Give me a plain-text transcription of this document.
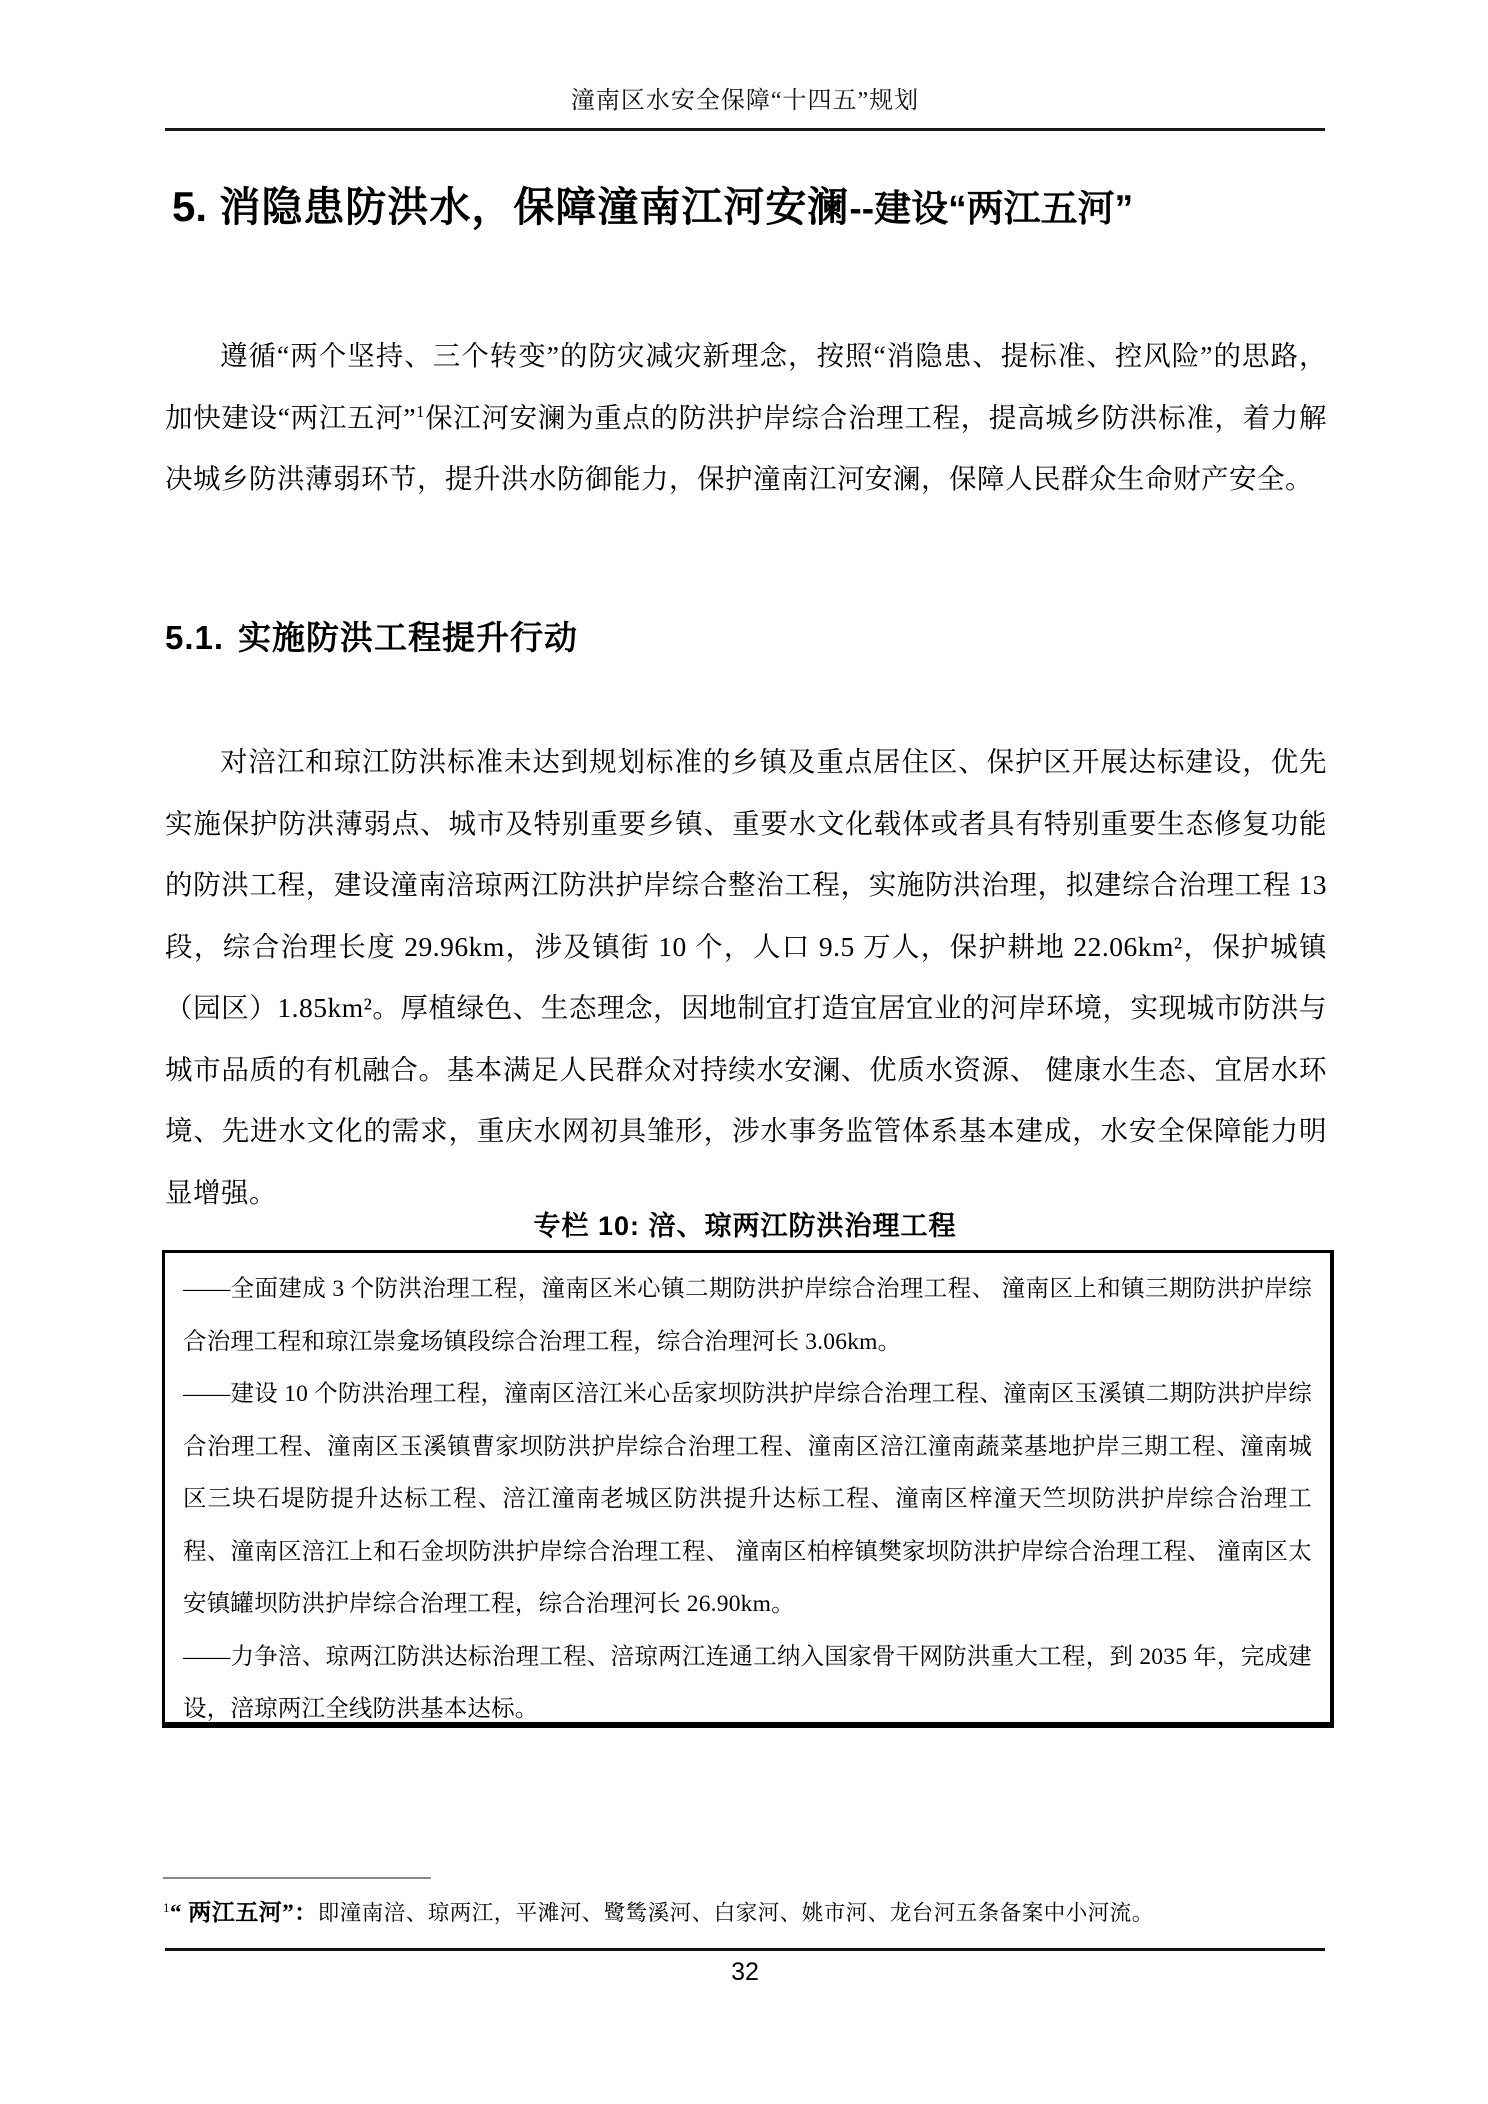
潼南区水安全保障“十四五”规划
5. 消隐患防洪水，保障潼南江河安澜--建设“两江五河”

遵循“两个坚持、三个转变”的防灾减灾新理念，按照“消隐患、提标准、控风险”的思路，加快建设“两江五河”$^1$保江河安澜为重点的防洪护岸综合治理工程，提高城乡防洪标准，着力解决城乡防洪薄弱环节，提升洪水防御能力，保护潼南江河安澜，保障人民群众生命财产安全。

5.1. 实施防洪工程提升行动

对涪江和琼江防洪标准未达到规划标准的乡镇及重点居住区、保护区开展达标建设，优先实施保护防洪薄弱点、城市及特别重要乡镇、重要水文化载体或者具有特别重要生态修复功能的防洪工程，建设潼南涪琼两江防洪护岸综合整治工程，实施防洪治理，拟建综合治理工程 13 段，综合治理长度 29.96km，涉及镇街 10 个，人口 9.5 万人，保护耕地 22.06km²，保护城镇（园区）1.85km²。厚植绿色、生态理念，因地制宜打造宜居宜业的河岸环境，实现城市防洪与城市品质的有机融合。基本满足人民群众对持续水安澜、优质水资源、 健康水生态、宜居水环境、先进水文化的需求，重庆水网初具雏形，涉水事务监管体系基本建成，水安全保障能力明显增强。

专栏 10: 涪、琼两江防洪治理工程

——全面建成 3 个防洪治理工程，潼南区米心镇二期防洪护岸综合治理工程、 潼南区上和镇三期防洪护岸综合治理工程和琼江崇龛场镇段综合治理工程，综合治理河长 3.06km。

——建设 10 个防洪治理工程，潼南区涪江米心岳家坝防洪护岸综合治理工程、潼南区玉溪镇二期防洪护岸综合治理工程、潼南区玉溪镇曹家坝防洪护岸综合治理工程、潼南区涪江潼南蔬菜基地护岸三期工程、潼南城区三块石堤防提升达标工程、涪江潼南老城区防洪提升达标工程、潼南区梓潼天竺坝防洪护岸综合治理工程、潼南区涪江上和石金坝防洪护岸综合治理工程、 潼南区柏梓镇樊家坝防洪护岸综合治理工程、 潼南区太安镇罐坝防洪护岸综合治理工程，综合治理河长 26.90km。

——力争涪、琼两江防洪达标治理工程、涪琼两江连通工纳入国家骨干网防洪重大工程，到 2035 年，完成建设，涪琼两江全线防洪基本达标。

$^1$“ 两江五河”：即潼南涪、琼两江，平滩河、鹭鸶溪河、白家河、姚市河、龙台河五条备案中小河流。
32
